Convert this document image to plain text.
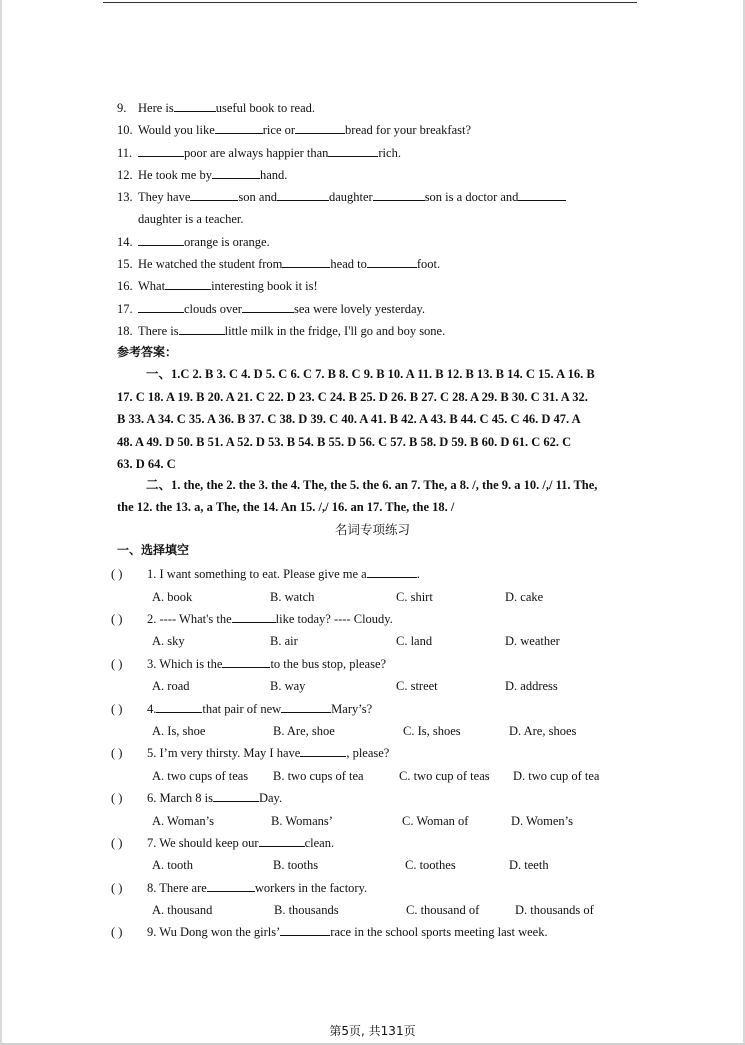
9. Here is	useful book to read.
10. Would you like	rice or	bread for your breakfast?
11.	poor are always happier than	rich.
12. He took me by	hand.
13. They have	son and	daughter	son is a doctor and
daughter is a teacher.
14.	orange is orange.
15. He watched the student from	head to	foot.
16. What	interesting book it is!
17.	clouds over	sea were lovely yesterday.
18. There is	little milk in the fridge, I'll go and boy sone.
参考答案：
一、1.C 2. B 3. C 4. D 5. C 6. C 7. B 8. C 9. B 10. A 11. B 12. B 13. B 14. C 15. A 16. B
17. C 18. A 19. B 20. A 21. C 22. D 23. C 24. B 25. D 26. B 27. C 28. A 29. B 30. C 31. A 32.
B 33. A 34. C 35. A 36. B 37. C 38. D 39. C 40. A 41. B 42. A 43. B 44. C 45. C 46. D 47. A
48. A 49. D 50. B 51. A 52. D 53. B 54. B 55. D 56. C 57. B 58. D 59. B 60. D 61. C 62. C
63. D 64. C
二、1. the, the 2. the 3. the 4. The, the 5. the 6. an 7. The, a 8. /, the 9. a 10. /,/ 11. The,
the 12. the 13. a, a The, the 14. An 15. /,/ 16. an 17. The, the 18. /
名词专项练习
一、选择填空
( ) 1. I want something to eat. Please give me a	.
A. book	B. watch	C. shirt	D. cake
( ) 2. ---- What's the	like today? ---- Cloudy.
A. sky	B. air	C. land	D. weather
( ) 3. Which is the	to the bus stop, please?
A. road	B. way	C. street	D. address
( ) 4.	that pair of new	Mary’s?
A. Is, shoe	B. Are, shoe	C. Is, shoes	D. Are, shoes
( ) 5. I’m very thirsty. May I have	, please?
A. two cups of teas B. two cups of tea	C. two cup of teas D. two cup of tea
( ) 6. March 8 is	Day.
A. Woman’s	B. Womans’	C. Woman of	D. Women’s
( ) 7. We should keep our	clean.
A. tooth	B. tooths	C. toothes	D. teeth
( ) 8. There are	workers in the factory.
A. thousand	B. thousands	C. thousand of	D. thousands of
( ) 9. Wu Dong won the girls’	race in the school sports meeting last week.
第5页, 共131页
